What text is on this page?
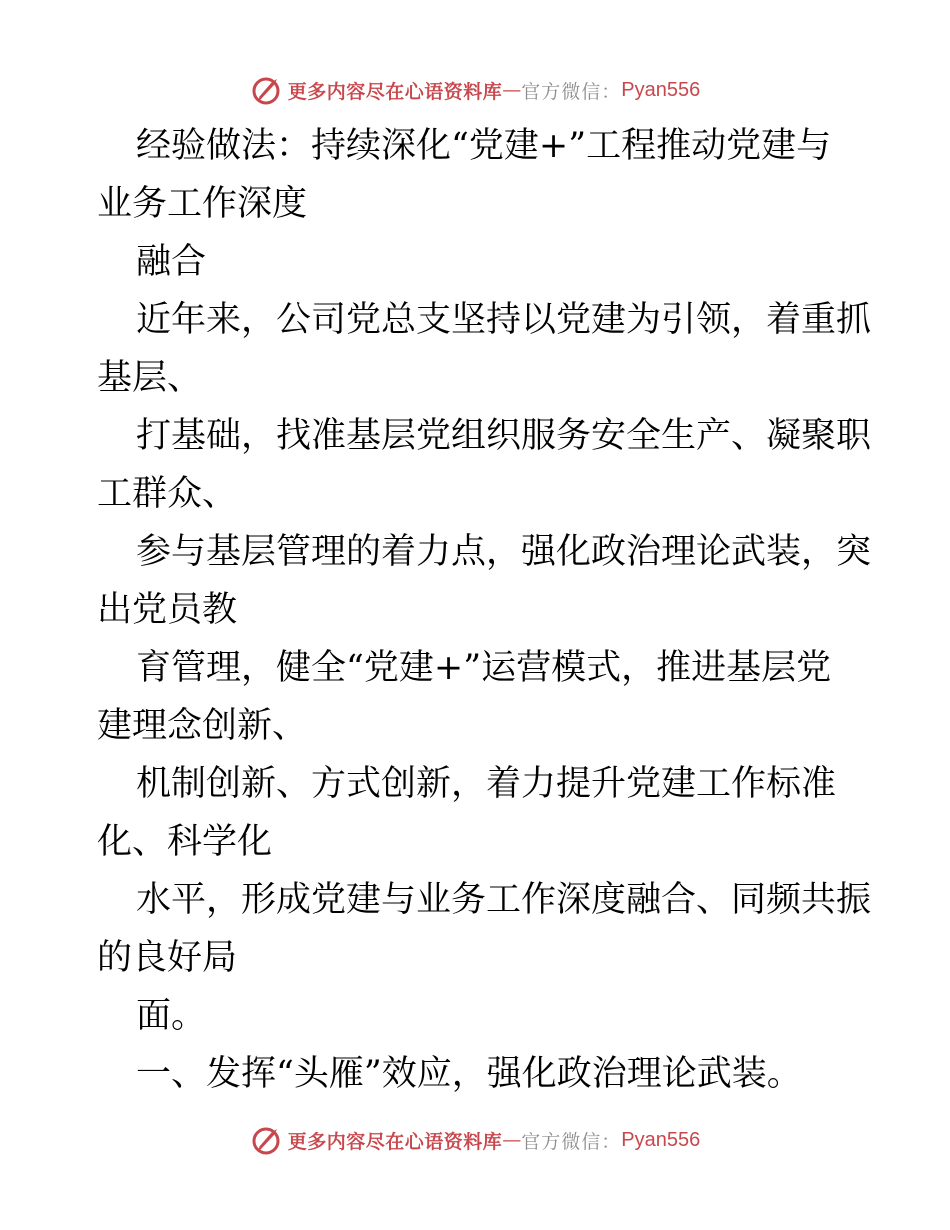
更多内容尽在心语资料库 — 官方微信： Pyan556
经验做法：持续深化“党建+”工程推动党建与
业务工作深度
融合
近年来，公司党总支坚持以党建为引领，着重抓
基层、
打基础，找准基层党组织服务安全生产、凝聚职
工群众、
参与基层管理的着力点，强化政治理论武装，突
出党员教
育管理，健全“党建+”运营模式，推进基层党
建理念创新、
机制创新、方式创新，着力提升党建工作标准
化、科学化
水平，形成党建与业务工作深度融合、同频共振
的良好局
面。
一、发挥“头雁”效应，强化政治理论武装。
更多内容尽在心语资料库 — 官方微信： Pyan556
